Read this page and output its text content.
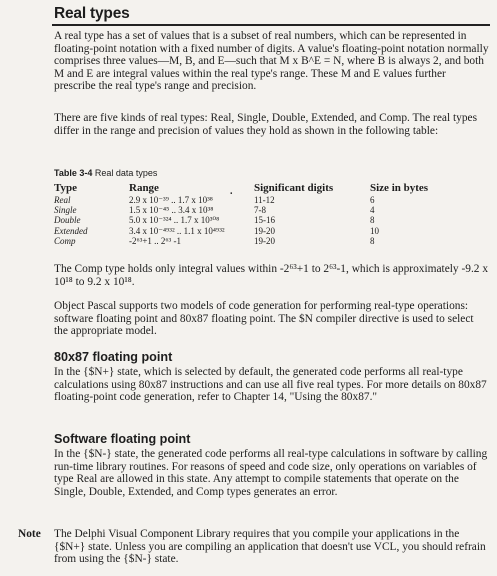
Real types
A real type has a set of values that is a subset of real numbers, which can be represented in floating-point notation with a fixed number of digits. A value's floating-point notation normally comprises three values—M, B, and E—such that M x B^E = N, where B is always 2, and both M and E are integral values within the real type's range. These M and E values further prescribe the real type's range and precision.
There are five kinds of real types: Real, Single, Double, Extended, and Comp. The real types differ in the range and precision of values they hold as shown in the following table:
Table 3-4 Real data types
Type	Range	. Significant digits	Size in bytes
Real	2.9 x 10⁻³⁹ .. 1.7 x 10³⁸	11-12	6
Single	1.5 x 10⁻⁴⁵ .. 3.4 x 10³⁸	7-8	4
Double	5.0 x 10⁻³²⁴ .. 1.7 x 10³⁰⁸	15-16	8
Extended	3.4 x 10⁻⁴⁹³² .. 1.1 x 10⁴⁹³²	19-20	10
Comp	-2⁶³+1 .. 2⁶³ -1	19-20	8
The Comp type holds only integral values within -2⁶³+1 to 2⁶³-1, which is approximately -9.2 x 10¹⁸ to 9.2 x 10¹⁸.
Object Pascal supports two models of code generation for performing real-type operations: software floating point and 80x87 floating point. The $N compiler directive is used to select the appropriate model.
80x87 floating point
In the {$N+} state, which is selected by default, the generated code performs all real-type calculations using 80x87 instructions and can use all five real types. For more details on 80x87 floating-point code generation, refer to Chapter 14, "Using the 80x87."
Software floating point
In the {$N-} state, the generated code performs all real-type calculations in software by calling run-time library routines. For reasons of speed and code size, only operations on variables of type Real are allowed in this state. Any attempt to compile statements that operate on the Single, Double, Extended, and Comp types generates an error.
Note The Delphi Visual Component Library requires that you compile your applications in the {$N+} state. Unless you are compiling an application that doesn't use VCL, you should refrain from using the {$N-} state.
